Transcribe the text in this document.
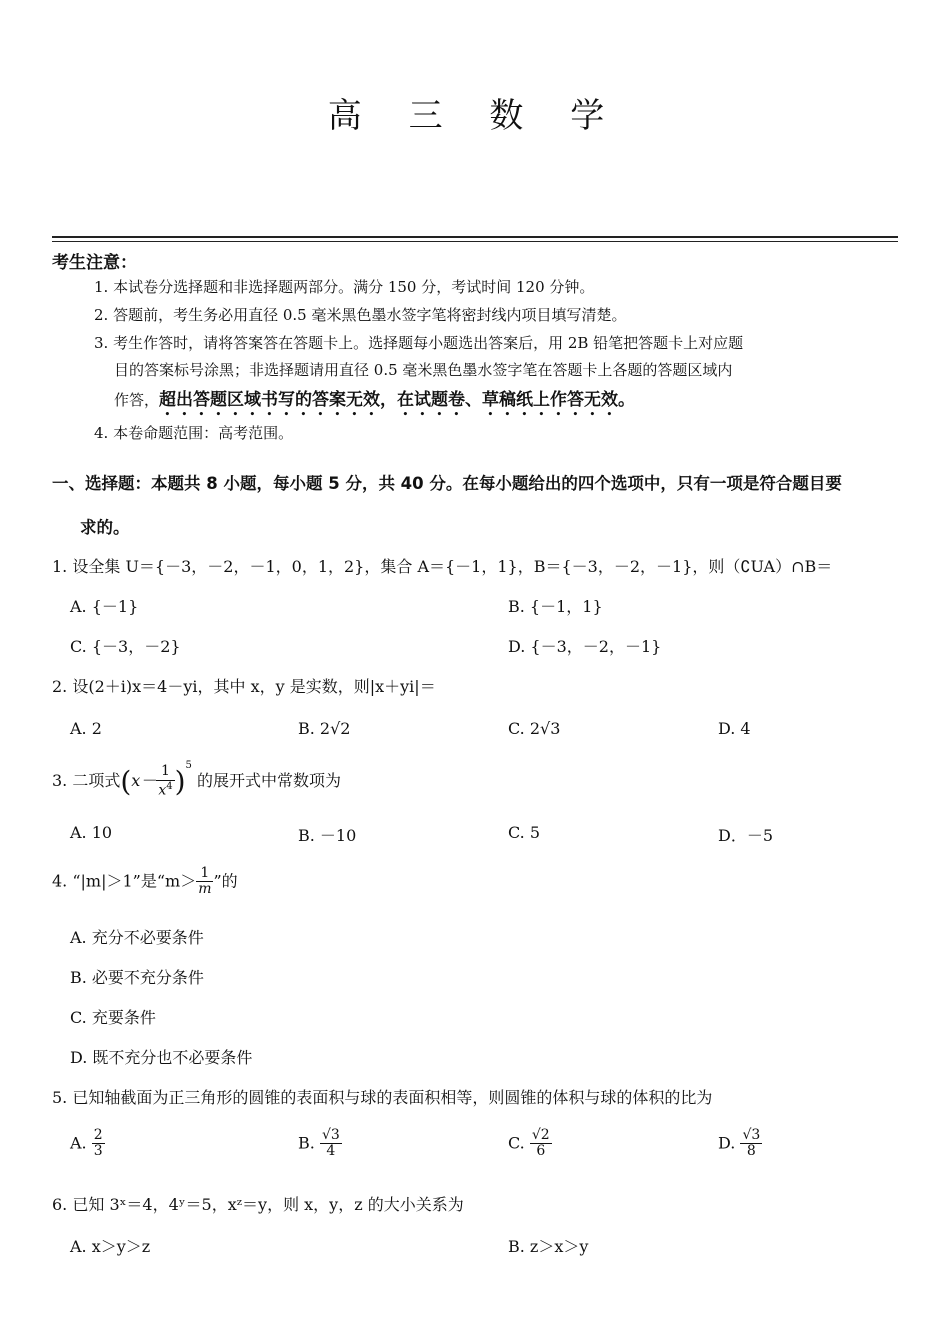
高 三 数 学
考生注意：
1. 本试卷分选择题和非选择题两部分。满分 150 分，考试时间 120 分钟。
2. 答题前，考生务必用直径 0.5 毫米黑色墨水签字笔将密封线内项目填写清楚。
3. 考生作答时，请将答案答在答题卡上。选择题每小题选出答案后，用 2B 铅笔把答题卡上对应题
目的答案标号涂黑；非选择题请用直径 0.5 毫米黑色墨水签字笔在答题卡上各题的答题区域内
作答，超出答题区域书写的答案无效，在试题卷、草稿纸上作答无效。
4. 本卷命题范围：高考范围。
一、选择题：本题共 8 小题，每小题 5 分，共 40 分。在每小题给出的四个选项中，只有一项是符合题目要
求的。
1. 设全集 U＝{－3，－2，－1，0，1，2}，集合 A＝{－1，1}，B＝{－3，－2，－1}，则（∁UA）∩B＝
A. {－1}	B. {－1，1}
C. {－3，－2}	D. {－3，－2，－1}
2. 设(2＋i)x＝4－yi，其中 x，y 是实数，则|x＋yi|＝
A. 2	B. 2√2	C. 2√3	D. 4
3. 二项式$(x- \frac{1}{x^4} )^5$ 的展开式中常数项为
A. 10	B. －10	C. 5	D．－5
4. “|m|＞1”是“$m> \frac{1}{m}$ ”的
A. 充分不必要条件
B. 必要不充分条件
C. 充要条件
D. 既不充分也不必要条件
5. 已知轴截面为正三角形的圆锥的表面积与球的表面积相等，则圆锥的体积与球的体积的比为
A. $\frac{2}{3}$	B. $\frac{√3}{4}$	C. $\frac{√2}{6}$	D. $\frac{√3}{8}$
6. 已知 3ˣ＝4，4ʸ＝5，xᶻ＝y，则 x，y，z 的大小关系为
A. x＞y＞z	B. z＞x＞y
